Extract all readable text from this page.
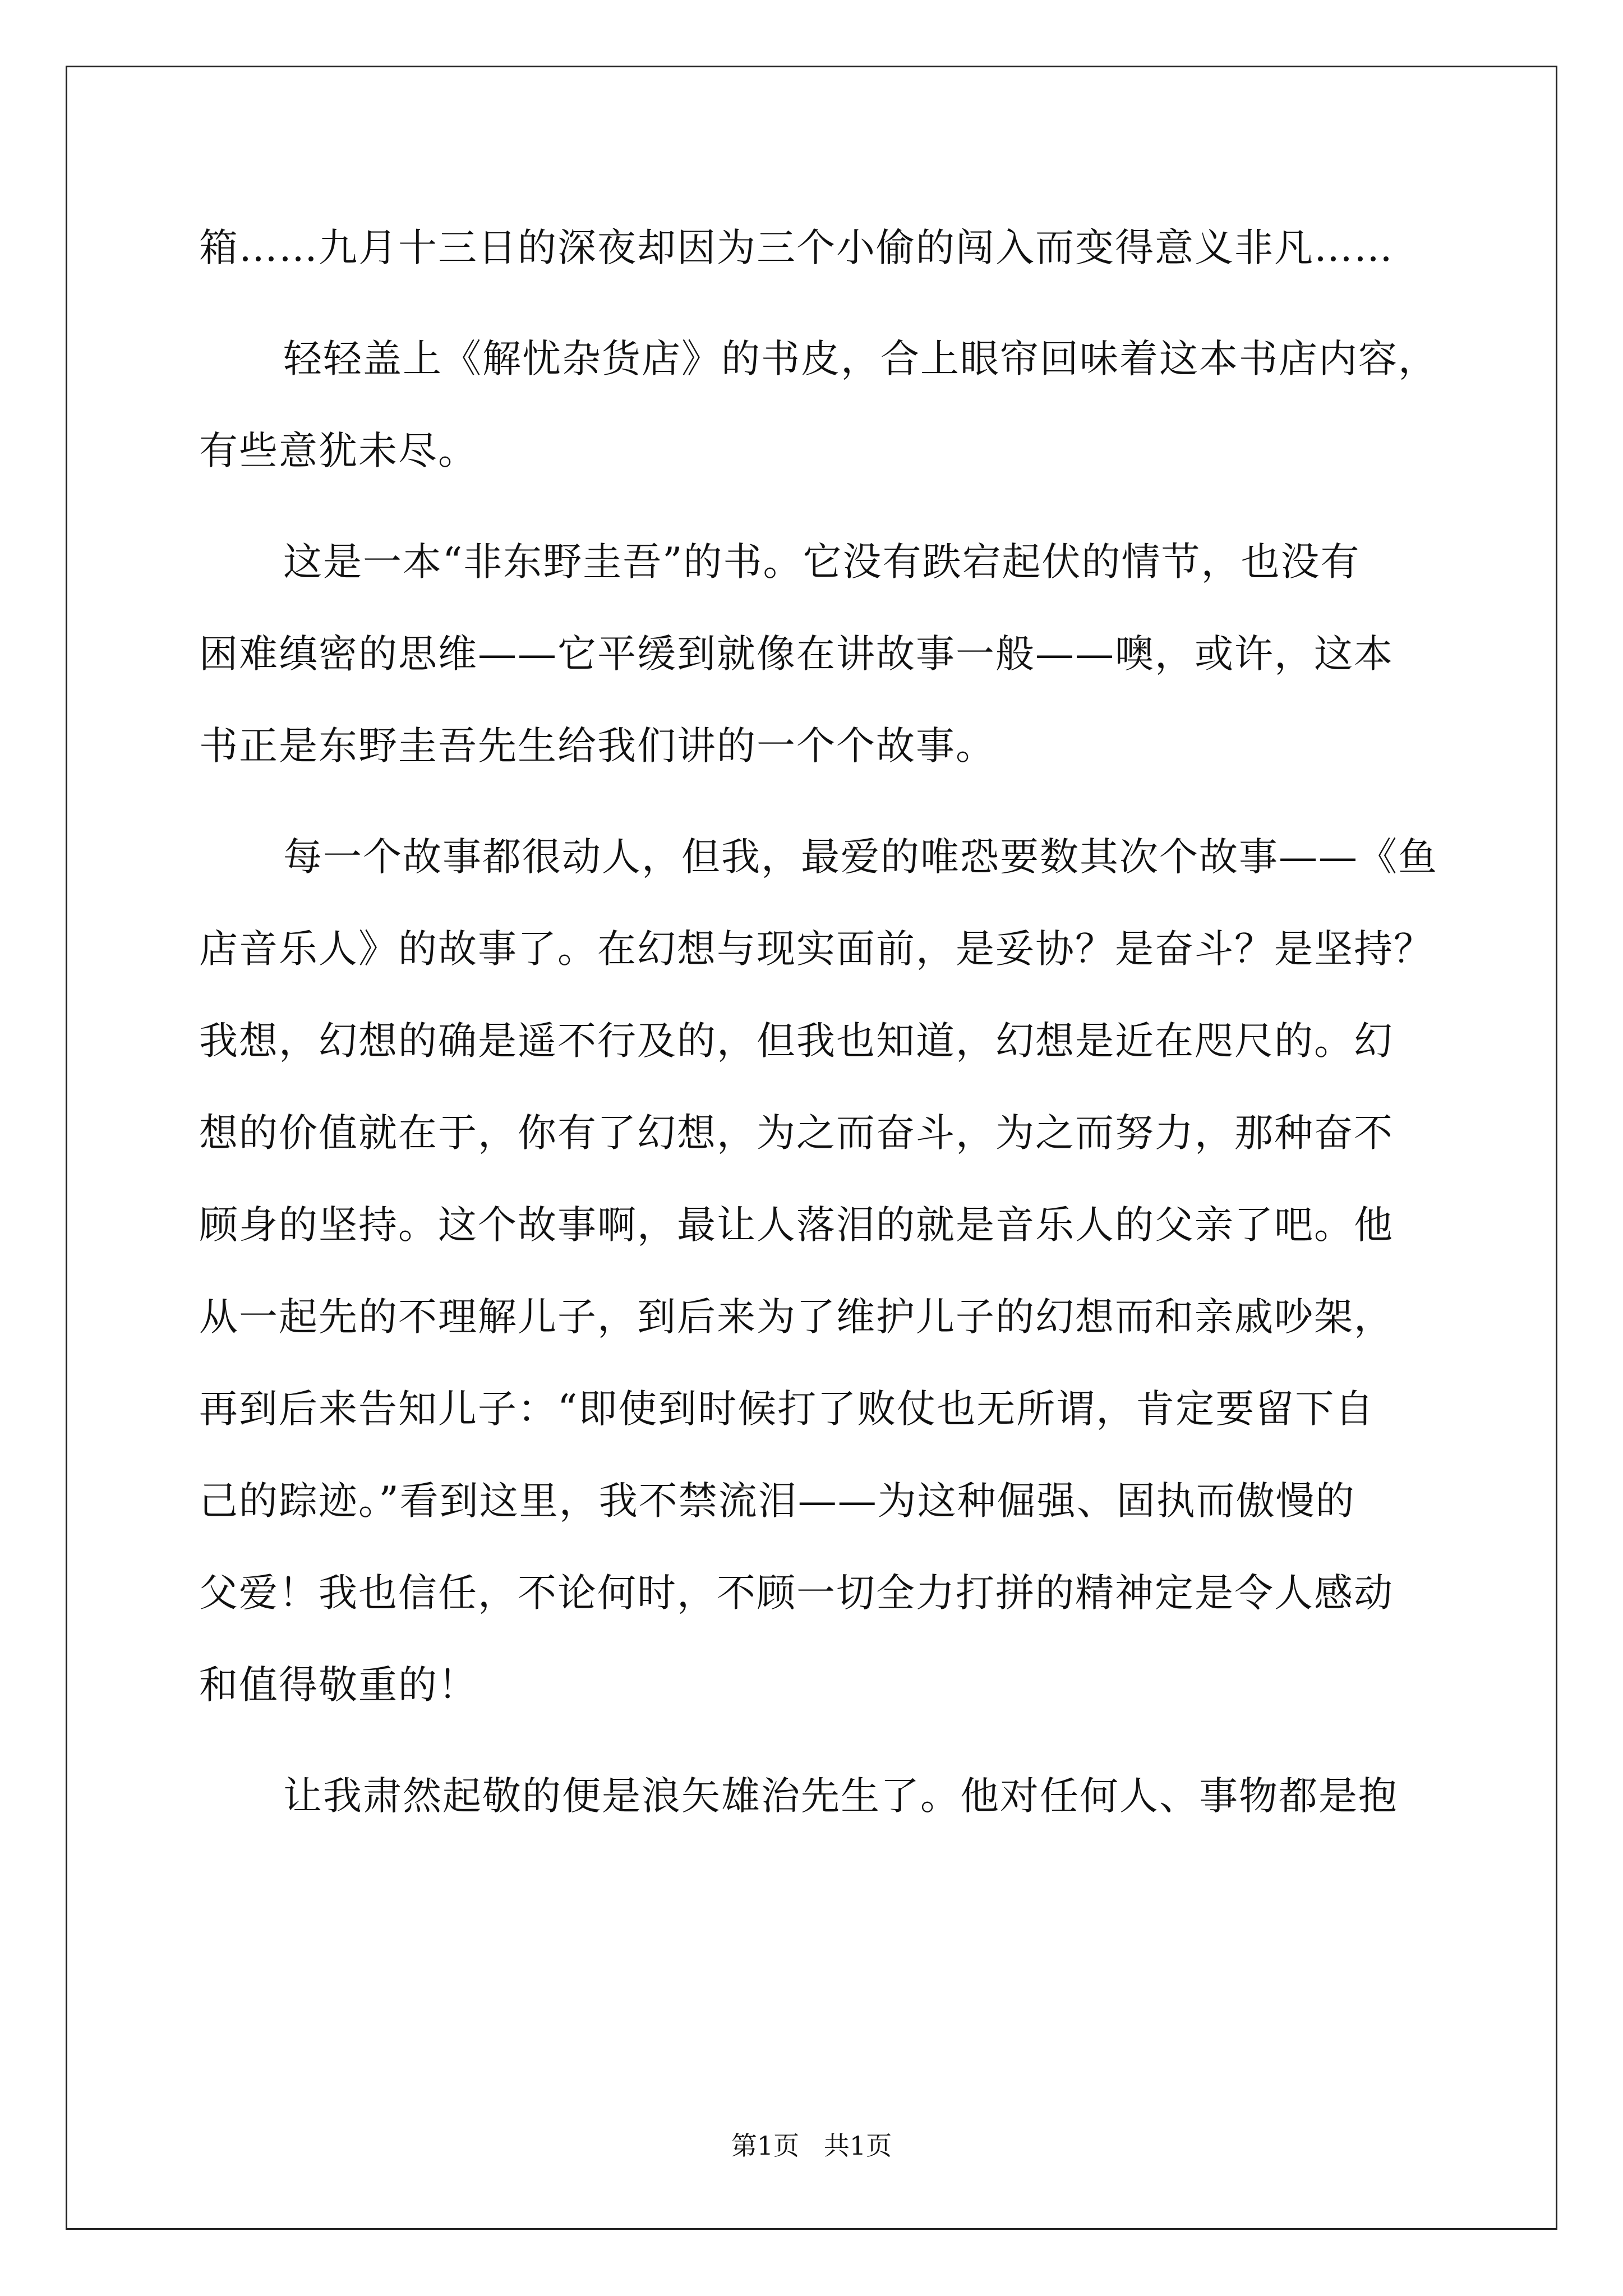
箱……九月十三日的深夜却因为三个小偷的闯入而变得意义非凡……
轻轻盖上《解忧杂货店》的书皮，合上眼帘回味着这本书店内容，
有些意犹未尽。
这是一本“非东野圭吾”的书。它没有跌宕起伏的情节，也没有
困难缜密的思维——它平缓到就像在讲故事一般——噢，或许，这本
书正是东野圭吾先生给我们讲的一个个故事。
每一个故事都很动人，但我，最爱的唯恐要数其次个故事——《鱼
店音乐人》的故事了。在幻想与现实面前，是妥协？是奋斗？是坚持？
我想，幻想的确是遥不行及的，但我也知道，幻想是近在咫尺的。幻
想的价值就在于，你有了幻想，为之而奋斗，为之而努力，那种奋不
顾身的坚持。这个故事啊，最让人落泪的就是音乐人的父亲了吧。他
从一起先的不理解儿子，到后来为了维护儿子的幻想而和亲戚吵架，
再到后来告知儿子：“即使到时候打了败仗也无所谓，肯定要留下自
己的踪迹。”看到这里，我不禁流泪——为这种倔强、固执而傲慢的
父爱！我也信任，不论何时，不顾一切全力打拼的精神定是令人感动
和值得敬重的！
让我肃然起敬的便是浪矢雄治先生了。他对任何人、事物都是抱
第1页   共1页
